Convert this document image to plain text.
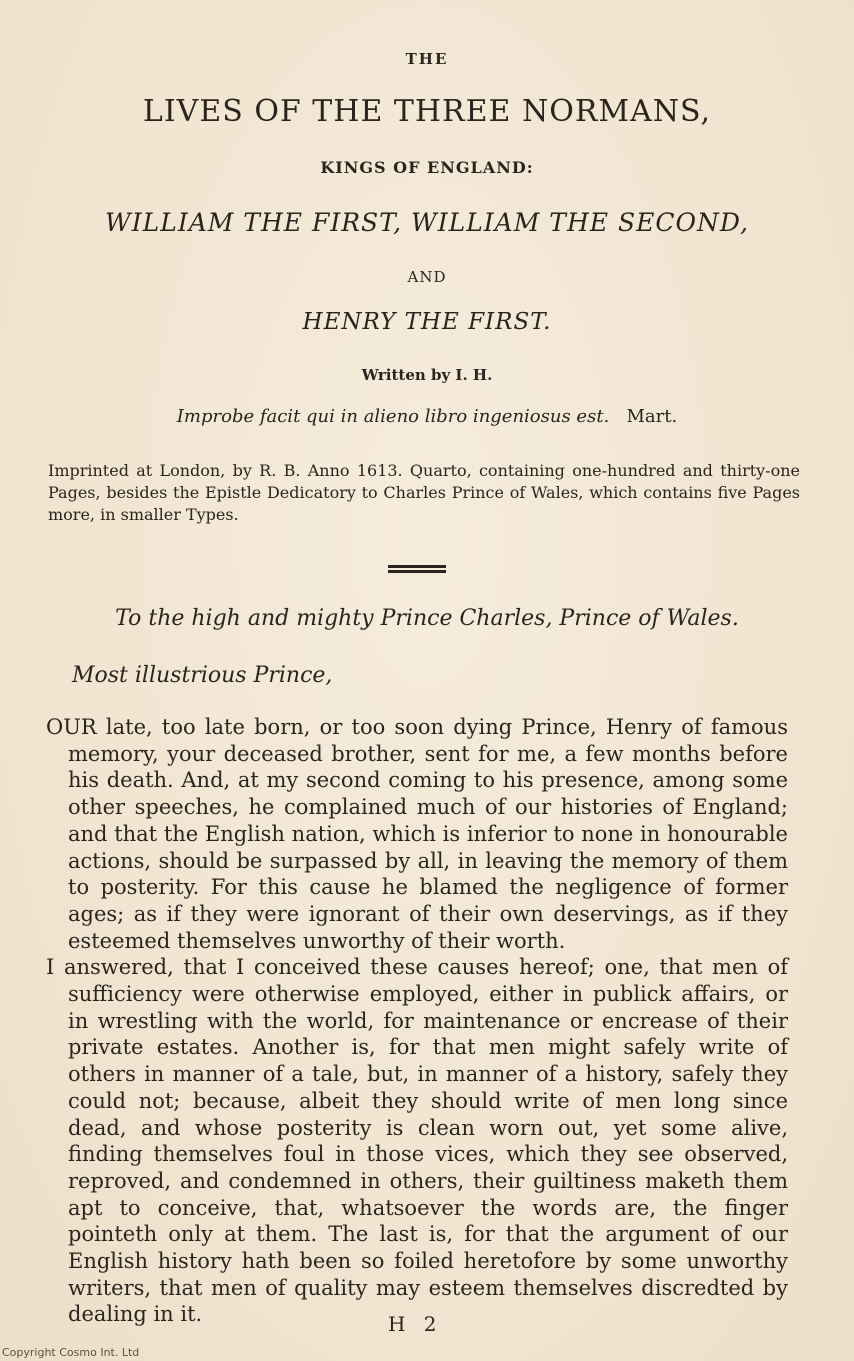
THE
LIVES OF THE THREE NORMANS,
KINGS OF ENGLAND:
WILLIAM THE FIRST, WILLIAM THE SECOND,
AND
HENRY THE FIRST.
Written by I. H.
Improbe facit qui in alieno libro ingeniosus est. Mart.
Imprinted at London, by R. B. Anno 1613. Quarto, containing one-hundred and thirty-one Pages, besides the Epistle Dedicatory to Charles Prince of Wales, which contains five Pages more, in smaller Types.
To the high and mighty Prince Charles, Prince of Wales.
Most illustrious Prince,

OUR late, too late born, or too soon dying Prince, Henry of famous memory, your deceased brother, sent for me, a few months before his death. And, at my second coming to his presence, among some other speeches, he complained much of our histories of England; and that the English nation, which is inferior to none in honourable actions, should be surpassed by all, in leaving the memory of them to posterity. For this cause he blamed the negligence of former ages; as if they were ignorant of their own deservings, as if they esteemed themselves unworthy of their worth.

I answered, that I conceived these causes hereof; one, that men of sufficiency were otherwise employed, either in publick affairs, or in wrestling with the world, for maintenance or encrease of their private estates. Another is, for that men might safely write of others in manner of a tale, but, in manner of a history, safely they could not; because, albeit they should write of men long since dead, and whose posterity is clean worn out, yet some alive, finding themselves foul in those vices, which they see observed, reproved, and condemned in others, their guiltiness maketh them apt to conceive, that, whatsoever the words are, the finger pointeth only at them. The last is, for that the argument of our English history hath been so foiled heretofore by some unworthy writers, that men of quality may esteem themselves discredted by dealing in it.	H 2
Copyright Cosmo Int. Ltd
